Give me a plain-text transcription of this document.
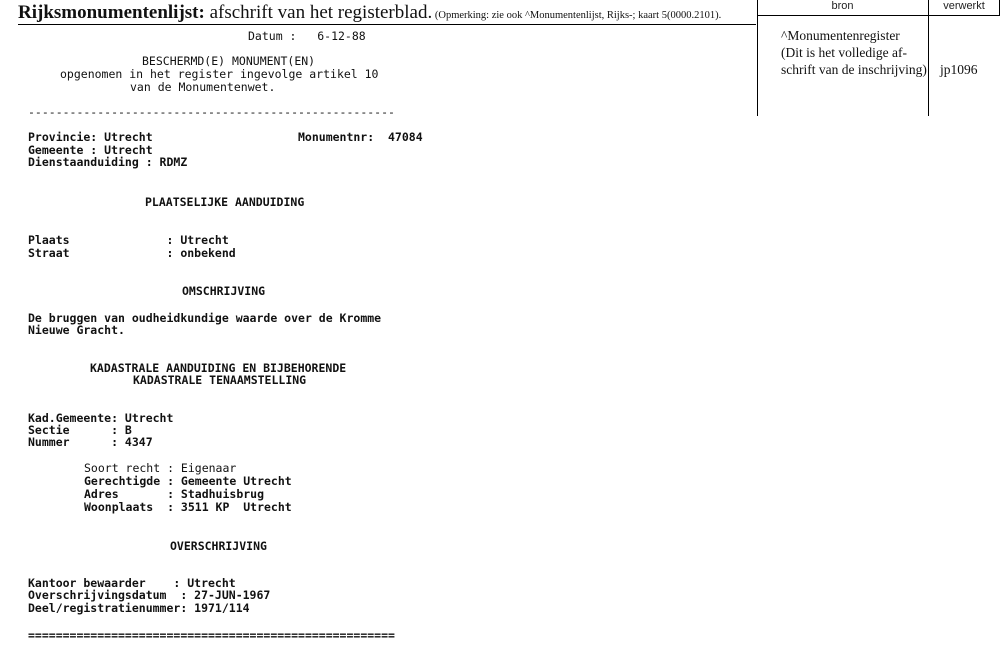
Rijksmonumentenlijst: afschrift van het registerblad. (Opmerking: zie ook ^Monumentenlijst, Rijks-; kaart 5(0000.2101).
bron	verwerkt
^Monumentenregister
(Dit is het volledige af-
schrift van de inschrijving) jp1096
Datum :   6-12-88
BESCHERMD(E) MONUMENT(EN)
opgenomen in het register ingevolge artikel 10
van de Monumentenwet.
-----------------------------------------------------
Provincie: Utrecht	Monumentnr:  47084
Gemeente : Utrecht
Dienstaanduiding : RDMZ
PLAATSELIJKE AANDUIDING
Plaats              : Utrecht
Straat              : onbekend
OMSCHRIJVING
De bruggen van oudheidkundige waarde over de Kromme
Nieuwe Gracht.
KADASTRALE AANDUIDING EN BIJBEHORENDE
KADASTRALE TENAAMSTELLING
Kad.Gemeente: Utrecht
Sectie      : B
Nummer      : 4347
Soort recht : Eigenaar
Gerechtigde : Gemeente Utrecht
Adres       : Stadhuisbrug
Woonplaats  : 3511 KP  Utrecht
OVERSCHRIJVING
Kantoor bewaarder    : Utrecht
Overschrijvingsdatum  : 27-JUN-1967
Deel/registratienummer: 1971/114
=====================================================
